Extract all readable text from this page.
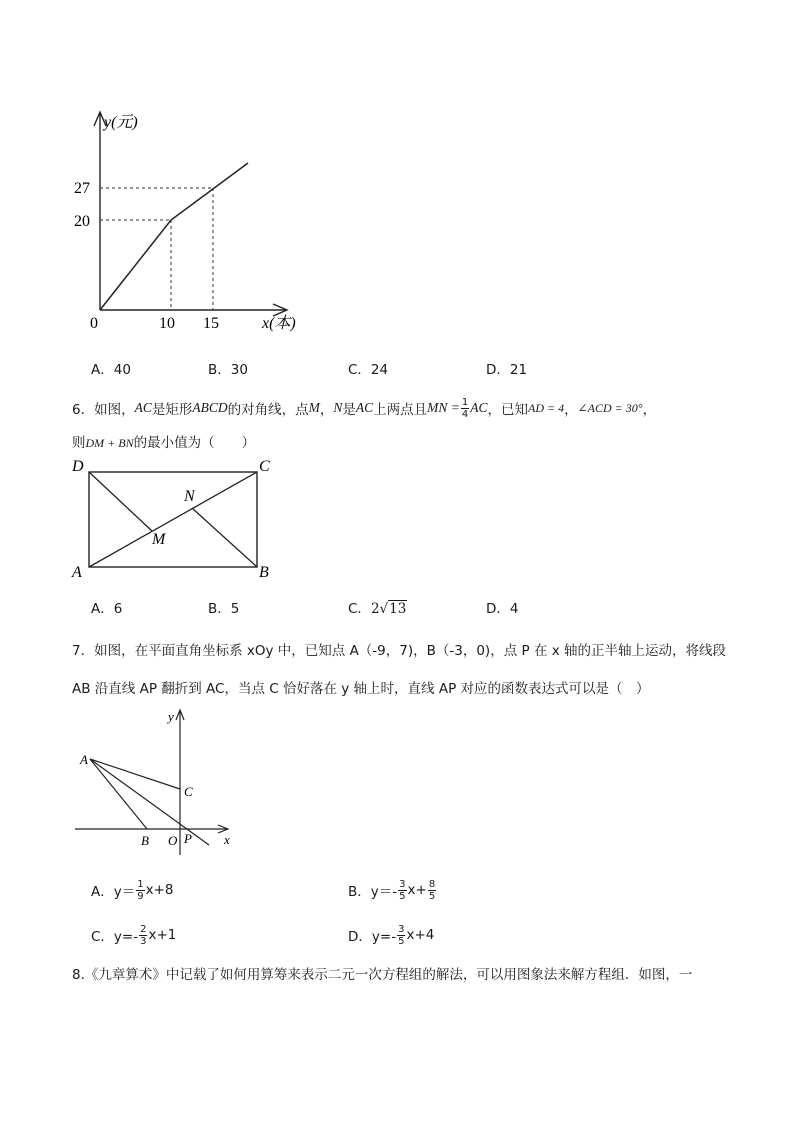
y(元)
x(本)
27
20
0	10 15
A．40	B．30	C．24	D．21
6．如图， AC 是矩形 ABCD 的对角线，点 M ， N 是 AC 上两点且 MN = $\frac{1}{4}$ AC ，已知 AD = 4 ， ∠ACD = 30° ，
则DM + BN的最小值为（　　）
D	C
N
M
A	B
A．6	B．5	C．2√13	D．4
7．如图，在平面直角坐标系 xOy 中，已知点 A（-9，7)，B（-3，0)，点 P 在 x 轴的正半轴上运动，将线段
AB 沿直线 AP 翻折到 AC，当点 C 恰好落在 y 轴上时，直线 AP 对应的函数表达式可以是（　）
y
A
C
B O P x
A．$y= \frac{1}{9} x+8$	B．$y=- \frac{3}{5} x+ \frac{8}{5}$
C．$y=- \frac{2}{3} x+1$	D．$y=- \frac{3}{5} x+4$
8.《九章算术》中记载了如何用算筹来表示二元一次方程组的解法，可以用图象法来解方程组．如图，一
